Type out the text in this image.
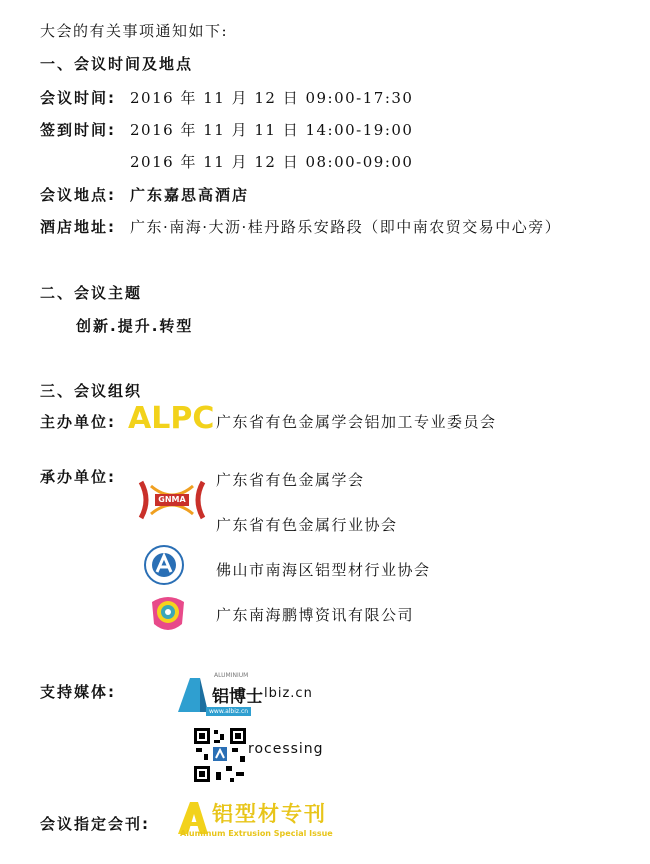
大会的有关事项通知如下:
一、会议时间及地点
会议时间: 2016 年 11 月 12 日 09:00-17:30
签到时间: 2016 年 11 月 11 日 14:00-19:00
2016 年 11 月 12 日 08:00-09:00
会议地点: 广东嘉思高酒店
酒店地址: 广东·南海·大沥·桂丹路乐安路段（即中南农贸交易中心旁）
二、会议主题
创新.提升.转型
三、会议组织
主办单位: ALPC 广东省有色金属学会铝加工专业委员会
承办单位:
GNMA
广东省有色金属学会
广东省有色金属行业协会
佛山市南海区铝型材行业协会
广东南海鹏博资讯有限公司
支持媒体:
ALUMINIUM
铝博士 lbiz.cn
www.albiz.cn
rocessing
会议指定会刊:	铝型材专刊
Aluminum Extrusion Special Issue
